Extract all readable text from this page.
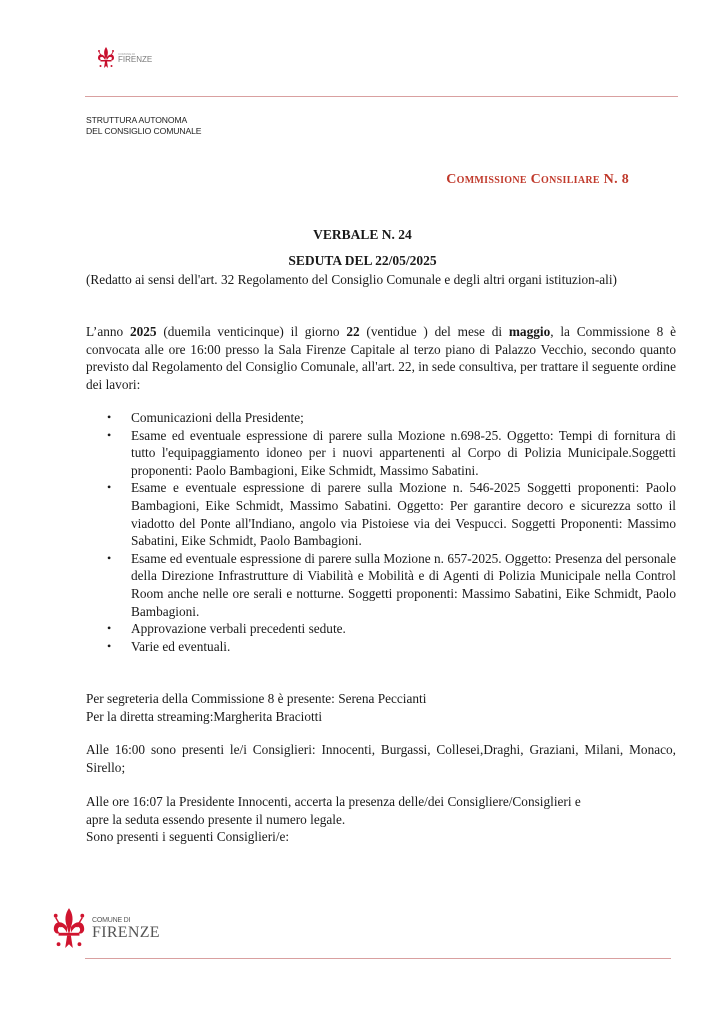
COMUNE DI
FIRENZE
STRUTTURA AUTONOMA
DEL CONSIGLIO COMUNALE
Commissione Consiliare N. 8
VERBALE N. 24
SEDUTA DEL 22/05/2025
(Redatto ai sensi dell'art. 32 Regolamento del Consiglio Comunale e degli altri organi istituzion-ali)
L’anno 2025 (duemila venticinque) il giorno 22 (ventidue ) del mese di maggio, la Commissione 8 è convocata alle ore 16:00 presso la Sala Firenze Capitale al terzo piano di Palazzo Vecchio, secondo quanto previsto dal Regolamento del Consiglio Comunale, all'art. 22, in sede consultiva, per trattare il seguente ordine dei lavori:
• Comunicazioni della Presidente;
• Esame ed eventuale espressione di parere sulla Mozione n.698-25. Oggetto: Tempi di fornitura di tutto l'equipaggiamento idoneo per i nuovi appartenenti al Corpo di Polizia Municipale.Soggetti proponenti: Paolo Bambagioni, Eike Schmidt, Massimo Sabatini.
• Esame e eventuale espressione di parere sulla Mozione n. 546-2025 Soggetti proponenti: Paolo Bambagioni, Eike Schmidt, Massimo Sabatini. Oggetto: Per garantire decoro e sicurezza sotto il viadotto del Ponte all'Indiano, angolo via Pistoiese via dei Vespucci. Soggetti Proponenti: Massimo Sabatini, Eike Schmidt, Paolo Bambagioni.
• Esame ed eventuale espressione di parere sulla Mozione n. 657-2025. Oggetto: Presenza del personale della Direzione Infrastrutture di Viabilità e Mobilità e di Agenti di Polizia Municipale nella Control Room anche nelle ore serali e notturne. Soggetti proponenti: Massimo Sabatini, Eike Schmidt, Paolo Bambagioni.
• Approvazione verbali precedenti sedute.
• Varie ed eventuali.
Per segreteria della Commissione 8 è presente: Serena Peccianti
Per la diretta streaming:Margherita Braciotti
Alle 16:00 sono presenti le/i Consiglieri: Innocenti, Burgassi, Collesei,Draghi, Graziani, Milani, Monaco, Sirello;
Alle ore 16:07 la Presidente Innocenti, accerta la presenza delle/dei Consigliere/Consiglieri e
apre la seduta essendo presente il numero legale.
Sono presenti i seguenti Consiglieri/e:
COMUNE DI
FIRENZE
